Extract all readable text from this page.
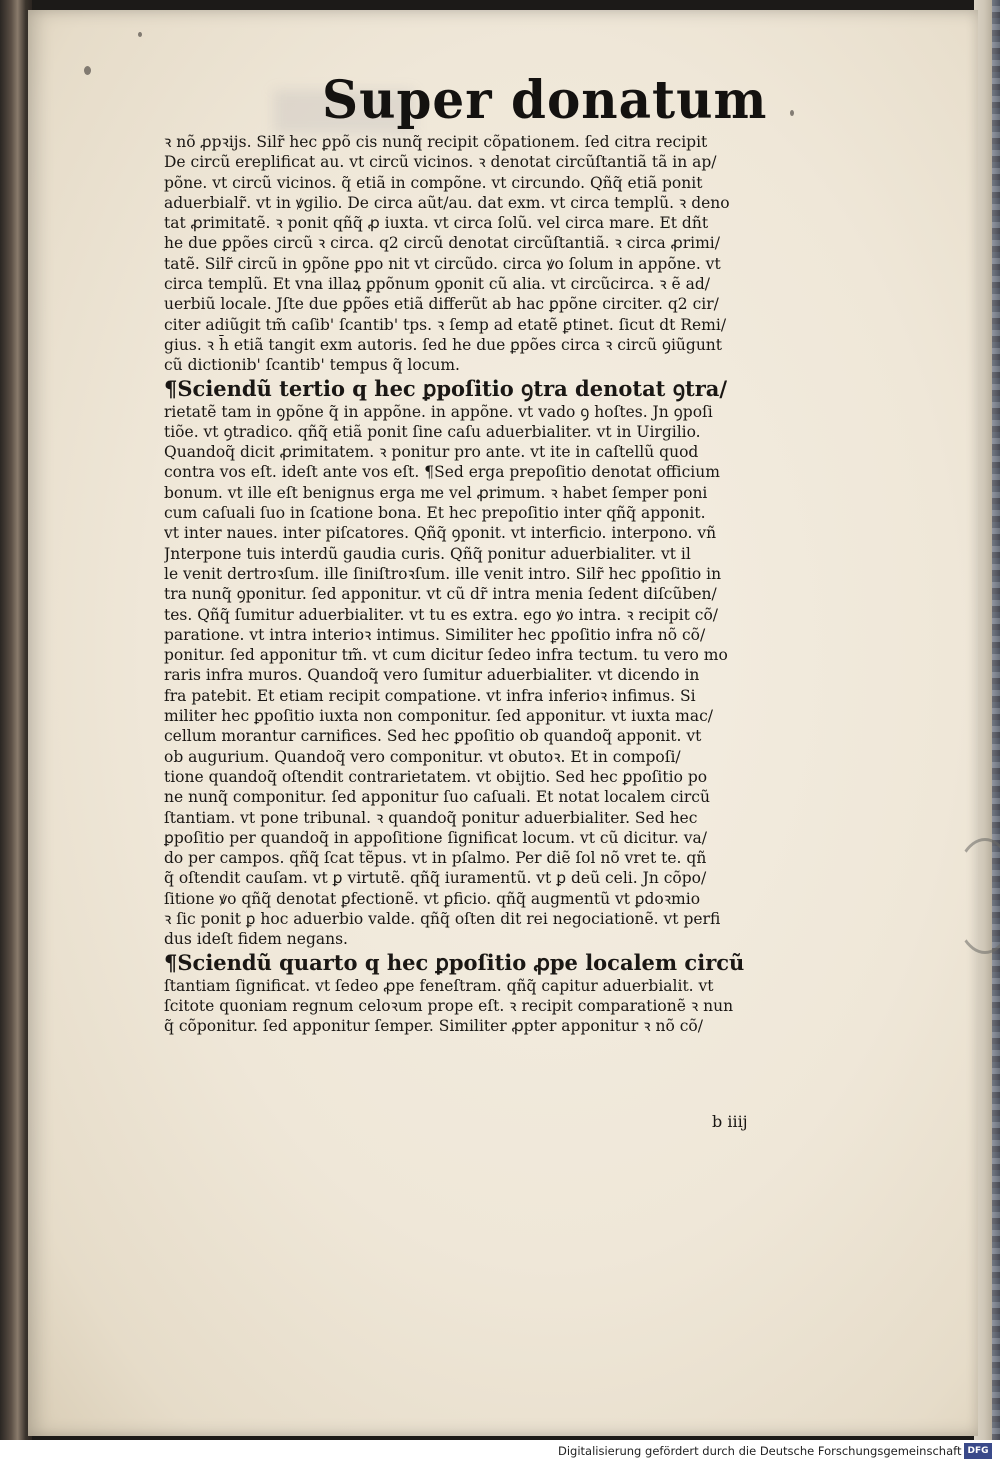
Super donatum
ꝛ nõ ꝓpꝛijs. Silr̃ hec ꝑpõ cis nunq̃ recipit cõpationem. ſed citra recipit
De circũ ereplificat au. vt circũ vicinos. ꝛ denotat circũſtantiã tã in ap/
põne. vt circũ vicinos. q̃ etiã in compõne. vt circundo. Qñq̃ etiã ponit
aduerbialr̃. vt in ꝟgilio. De circa aũt/au. dat exm. vt circa templũ. ꝛ deno
tat ꝓrimitatẽ. ꝛ ponit qñq̃ ꝓ iuxta. vt circa ſolũ. vel circa mare. Et dñt
he due ꝑpões circũ ꝛ circa. q2 circũ denotat circũſtantiã. ꝛ circa ꝓrimi/
tatẽ. Silr̃ circũ in ꝯpõne ꝑpo nit vt circũdo. circa ꝟo ſolum in appõne. vt
circa templũ. Et vna illaꝝ ꝑpõnum ꝯponit cũ alia. vt circũcirca. ꝛ ẽ ad/
uerbiũ locale. Jſte due ꝑpões etiã differũt ab hac ꝑpõne circiter. q2 cir/
citer adiũgit tm̃ caſib' ſcantib' tps. ꝛ ſemp ad etatẽ ꝑtinet. ſicut dt Remi/
gius. ꝛ h̄ etiã tangit exm autoris. ſed he due ꝑpões circa ꝛ circũ ꝯiũgunt
cũ dictionib' ſcantib' tempus q̃ locum.
¶Sciendũ tertio q hec ꝑpoſitio ꝯtra denotat ꝯtra/
rietatẽ tam in ꝯpõne q̃ in appõne. in appõne. vt vado ꝯ hoſtes. Jn ꝯpoſi
tiõe. vt ꝯtradico. qñq̃ etiã ponit ſine caſu aduerbialiter. vt in Uirgilio.
Quandoq̃ dicit ꝓrimitatem. ꝛ ponitur pro ante. vt ite in caſtellũ quod
contra vos eſt. ideſt ante vos eſt. ¶Sed erga prepoſitio denotat officium
bonum. vt ille eſt benignus erga me vel ꝓrimum. ꝛ habet ſemper poni
cum caſuali ſuo in ſcatione bona. Et hec prepoſitio inter qñq̃ apponit.
vt inter naues. inter piſcatores. Qñq̃ ꝯponit. vt interficio. interpono. vñ
Jnterpone tuis interdũ gaudia curis. Qñq̃ ponitur aduerbialiter. vt il
le venit dertroꝛſum. ille ſiniſtroꝛſum. ille venit intro. Silr̃ hec ꝑpoſitio in
tra nunq̃ ꝯponitur. ſed apponitur. vt cũ dr̃ intra menia ſedent diſcũben/
tes. Qñq̃ ſumitur aduerbialiter. vt tu es extra. ego ꝟo intra. ꝛ recipit cõ/
paratione. vt intra interioꝛ intimus. Similiter hec ꝑpoſitio infra nõ cõ/
ponitur. ſed apponitur tm̃. vt cum dicitur ſedeo infra tectum. tu vero mo
raris infra muros. Quandoq̃ vero ſumitur aduerbialiter. vt dicendo in
fra patebit. Et etiam recipit compatione. vt infra inferioꝛ infimus. Si
militer hec ꝑpoſitio iuxta non componitur. ſed apponitur. vt iuxta mac/
cellum morantur carnifices. Sed hec ꝑpoſitio ob quandoq̃ apponit. vt
ob augurium. Quandoq̃ vero componitur. vt obutoꝛ. Et in compoſi/
tione quandoq̃ oſtendit contrarietatem. vt obijtio. Sed hec ꝑpoſitio po
ne nunq̃ componitur. ſed apponitur ſuo caſuali. Et notat localem circũ
ſtantiam. vt pone tribunal. ꝛ quandoq̃ ponitur aduerbialiter. Sed hec
ꝑpoſitio per quandoq̃ in appoſitione ſignificat locum. vt cũ dicitur. va/
do per campos. qñq̃ ſcat tẽpus. vt in pſalmo. Per diẽ ſol nõ vret te. qñ
q̃ oſtendit cauſam. vt ꝑ virtutẽ. qñq̃ iuramentũ. vt ꝑ deũ celi. Jn cõpo/
ſitione ꝟo qñq̃ denotat ꝑfectionẽ. vt ꝑficio. qñq̃ augmentũ vt ꝑdoꝛmio
ꝛ ſic ponit ꝑ hoc aduerbio valde. qñq̃ oſten dit rei negociationẽ. vt perfi
dus ideſt fidem negans.
¶Sciendũ quarto q hec ꝑpoſitio ꝓpe localem circũ
ſtantiam ſignificat. vt ſedeo ꝓpe feneſtram. qñq̃ capitur aduerbialit. vt
ſcitote quoniam regnum celoꝛum prope eſt. ꝛ recipit comparationẽ ꝛ nun
q̃ cõponitur. ſed apponitur ſemper. Similiter ꝓpter apponitur ꝛ nõ cõ/

b iiij

Digitalisierung gefördert durch die Deutsche Forschungsgemeinschaft DFG
